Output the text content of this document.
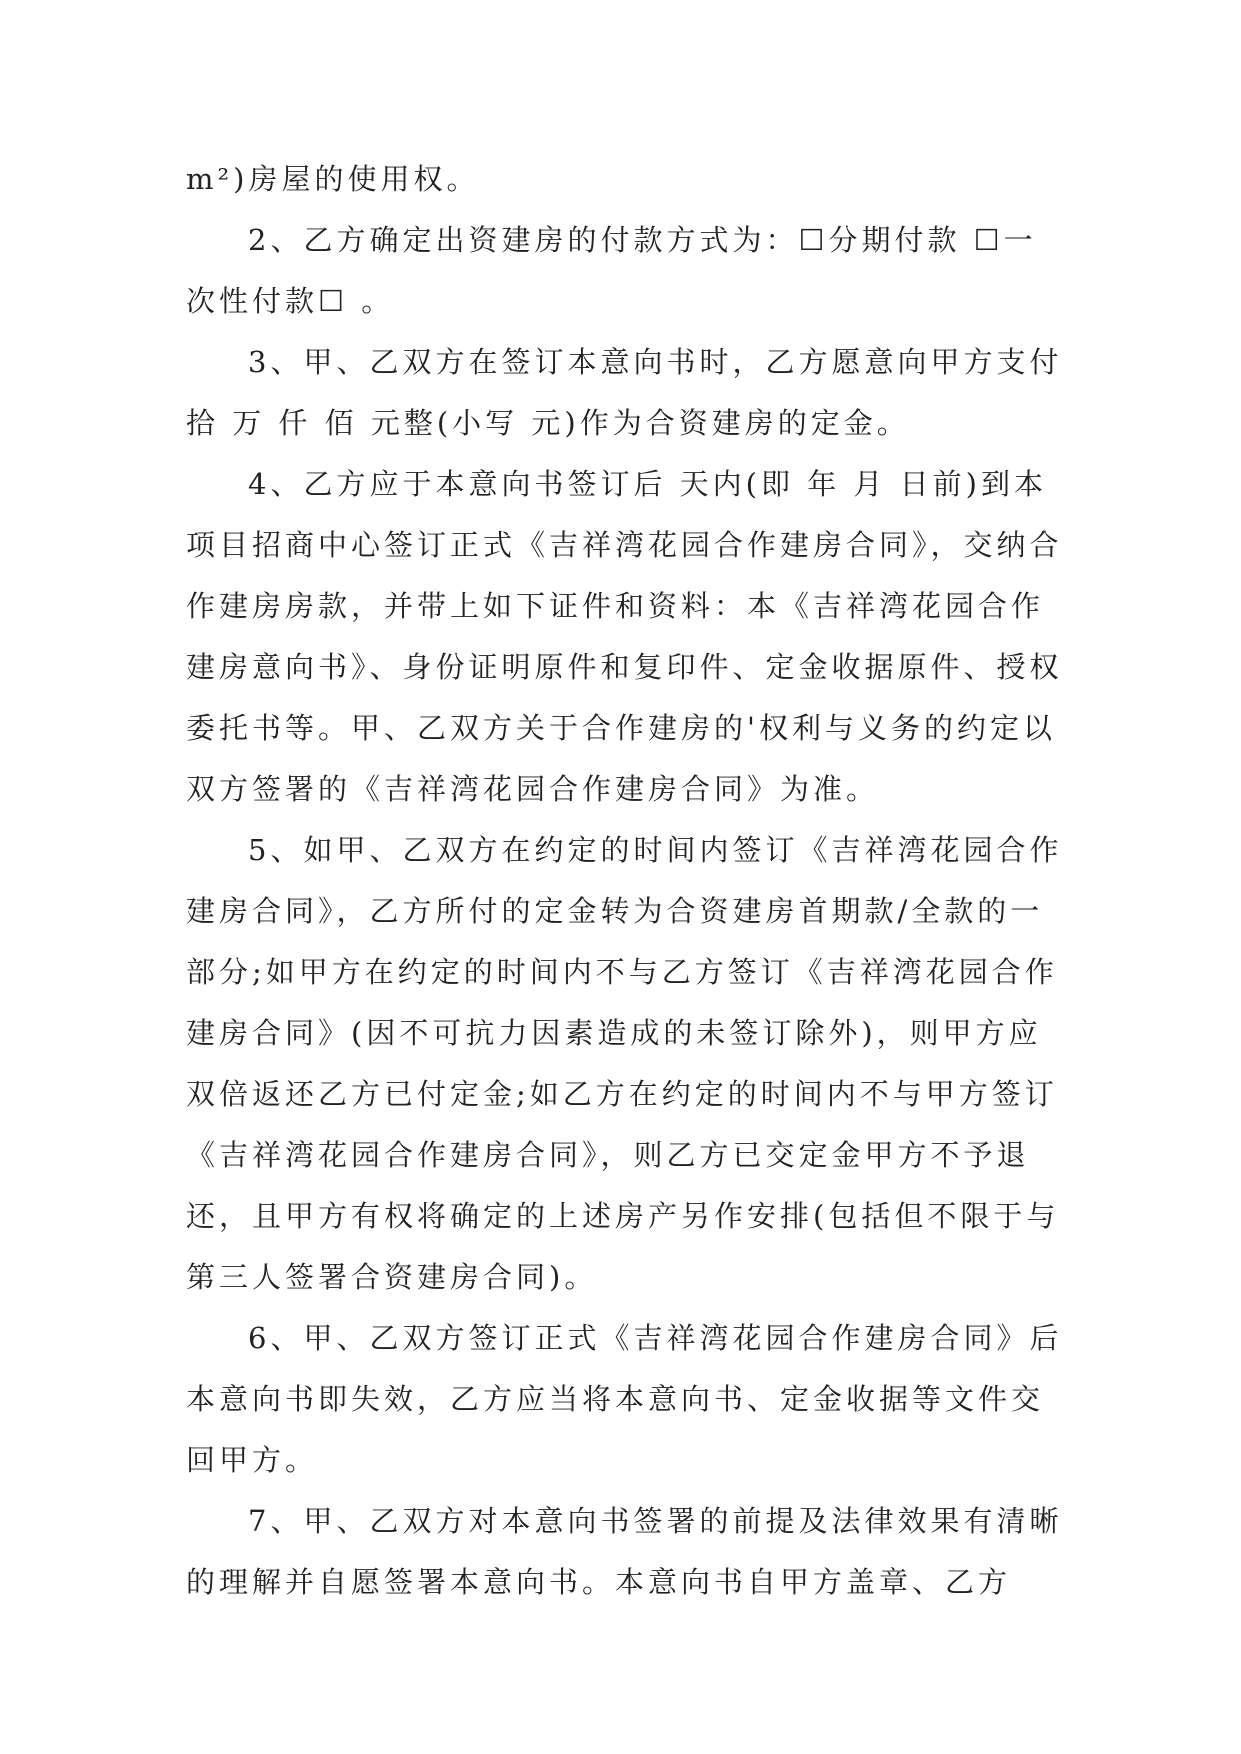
m²)房屋的使用权。

2、乙方确定出资建房的付款方式为：☐分期付款 ☐一次性付款☐ 。

3、甲、乙双方在签订本意向书时，乙方愿意向甲方支付 拾 万 仟 佰 元整(小写 元)作为合资建房的定金。

4、乙方应于本意向书签订后 天内(即 年 月 日前)到本项目招商中心签订正式《吉祥湾花园合作建房合同》，交纳合作建房房款，并带上如下证件和资料：本《吉祥湾花园合作建房意向书》、身份证明原件和复印件、定金收据原件、授权委托书等。甲、乙双方关于合作建房的'权利与义务的约定以双方签署的《吉祥湾花园合作建房合同》为准。

5、如甲、乙双方在约定的时间内签订《吉祥湾花园合作建房合同》，乙方所付的定金转为合资建房首期款/全款的一部分;如甲方在约定的时间内不与乙方签订《吉祥湾花园合作建房合同》(因不可抗力因素造成的未签订除外)，则甲方应双倍返还乙方已付定金;如乙方在约定的时间内不与甲方签订《吉祥湾花园合作建房合同》，则乙方已交定金甲方不予退还，且甲方有权将确定的上述房产另作安排(包括但不限于与第三人签署合资建房合同)。

6、甲、乙双方签订正式《吉祥湾花园合作建房合同》后本意向书即失效，乙方应当将本意向书、定金收据等文件交回甲方。

7、甲、乙双方对本意向书签署的前提及法律效果有清晰的理解并自愿签署本意向书。本意向书自甲方盖章、乙方
